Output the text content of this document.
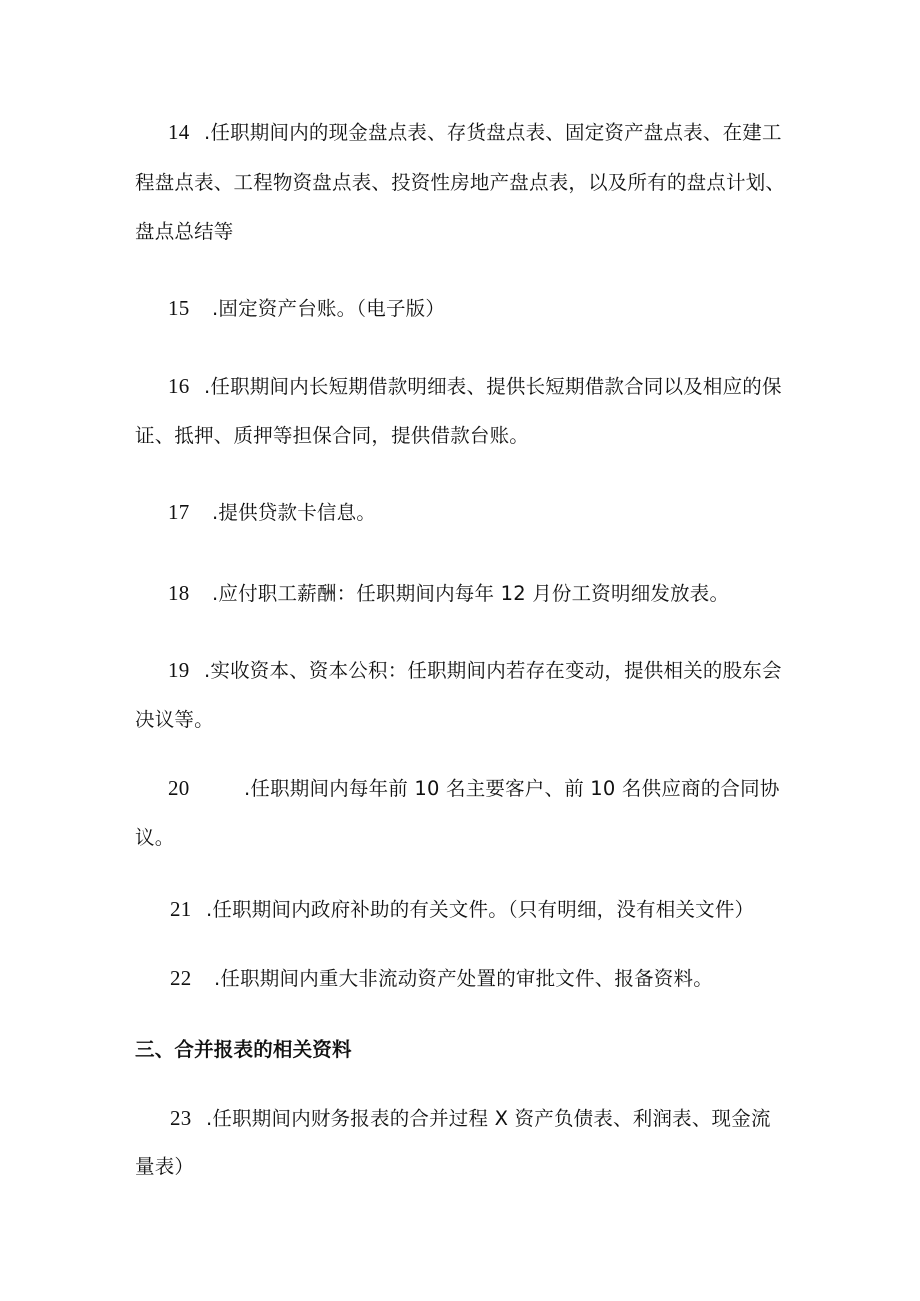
14 .任职期间内的现金盘点表、存货盘点表、固定资产盘点表、在建工
程盘点表、工程物资盘点表、投资性房地产盘点表，以及所有的盘点计划、
盘点总结等
15 .固定资产台账。（电子版）
16 .任职期间内长短期借款明细表、提供长短期借款合同以及相应的保
证、抵押、质押等担保合同，提供借款台账。
17 .提供贷款卡信息。
18 .应付职工薪酬：任职期间内每年 12 月份工资明细发放表。
19 .实收资本、资本公积：任职期间内若存在变动，提供相关的股东会
决议等。
20	.任职期间内每年前 10 名主要客户、前 10 名供应商的合同协
议。
21 .任职期间内政府补助的有关文件。（只有明细，没有相关文件）
22 .任职期间内重大非流动资产处置的审批文件、报备资料。
三、合并报表的相关资料
23 .任职期间内财务报表的合并过程 X 资产负债表、利润表、现金流
量表）
